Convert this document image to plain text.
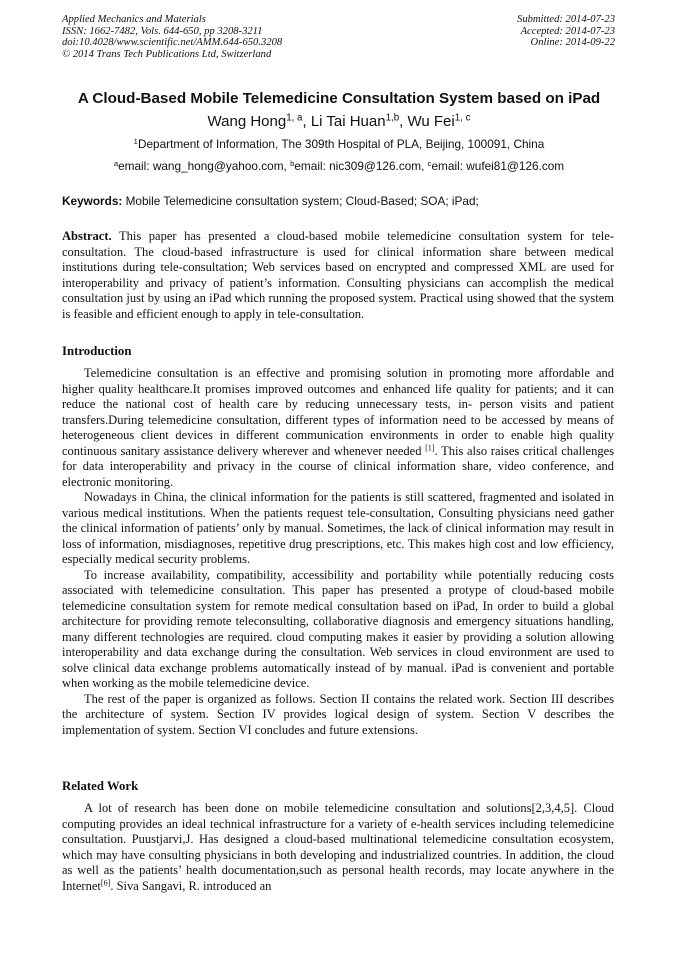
Applied Mechanics and Materials
ISSN: 1662-7482, Vols. 644-650, pp 3208-3211
doi:10.4028/www.scientific.net/AMM.644-650.3208
© 2014 Trans Tech Publications Ltd, Switzerland
Submitted: 2014-07-23
Accepted: 2014-07-23
Online: 2014-09-22
A Cloud-Based Mobile Telemedicine Consultation System based on iPad
Wang Hong$^{1, a}$, Li Tai Huan$^{1,b}$, Wu Fei$^{1, c}$
$^1$Department of Information, The 309th Hospital of PLA, Beijing, 100091, China
$^a$email: wang_hong@yahoo.com, $^b$email: nic309@126.com, $^c$email: wufei81@126.com
Keywords: Mobile Telemedicine consultation system; Cloud-Based; SOA; iPad;

Abstract. This paper has presented a cloud-based mobile telemedicine consultation system for tele-consultation. The cloud-based infrastructure is used for clinical information share between medical institutions during tele-consultation; Web services based on encrypted and compressed XML are used for interoperability and privacy of patient’s information. Consulting physicians can accomplish the medical consultation just by using an iPad which running the proposed system. Practical using showed that the system is feasible and efficient enough to apply in tele-consultation.

Introduction

Telemedicine consultation is an effective and promising solution in promoting more affordable and higher quality healthcare.It promises improved outcomes and enhanced life quality for patients; and it can reduce the national cost of health care by reducing unnecessary tests, in- person visits and patient transfers.During telemedicine consultation, different types of information need to be accessed by means of heterogeneous client devices in different communication environments in order to enable high quality continuous sanitary assistance delivery wherever and whenever needed [1]. This also raises critical challenges for data interoperability and privacy in the course of clinical information share, video conference, and electronic monitoring.

Nowadays in China, the clinical information for the patients is still scattered, fragmented and isolated in various medical institutions. When the patients request tele-consultation, Consulting physicians need gather the clinical information of patients’ only by manual. Sometimes, the lack of clinical information may result in loss of information, misdiagnoses, repetitive drug prescriptions, etc. This makes high cost and low efficiency, especially medical security problems.

To increase availability, compatibility, accessibility and portability while potentially reducing costs associated with telemedicine consultation. This paper has presented a protype of cloud-based mobile telemedicine consultation system for remote medical consultation based on iPad, In order to build a global architecture for providing remote teleconsulting, collaborative diagnosis and emergency situations handling, many different technologies are required. cloud computing makes it easier by providing a solution allowing interoperability and data exchange during the consultation. Web services in cloud environment are used to solve clinical data exchange problems automatically instead of by manual. iPad is convenient and portable when working as the mobile telemedicine device.

The rest of the paper is organized as follows. Section II contains the related work. Section III describes the architecture of system. Section IV provides logical design of system. Section V describes the implementation of system. Section VI concludes and future extensions.

Related Work

A lot of research has been done on mobile telemedicine consultation and solutions[2,3,4,5]. Cloud computing provides an ideal technical infrastructure for a variety of e-health services including telemedicine consultation. Puustjarvi,J. Has designed a cloud-based multinational telemedicine consultation ecosystem, which may have consulting physicians in both developing and industrialized countries. In addition, the cloud as well as the patients’ health documentation,such as personal health records, may locate anywhere in the Internet[6]. Siva Sangavi, R. introduced an
